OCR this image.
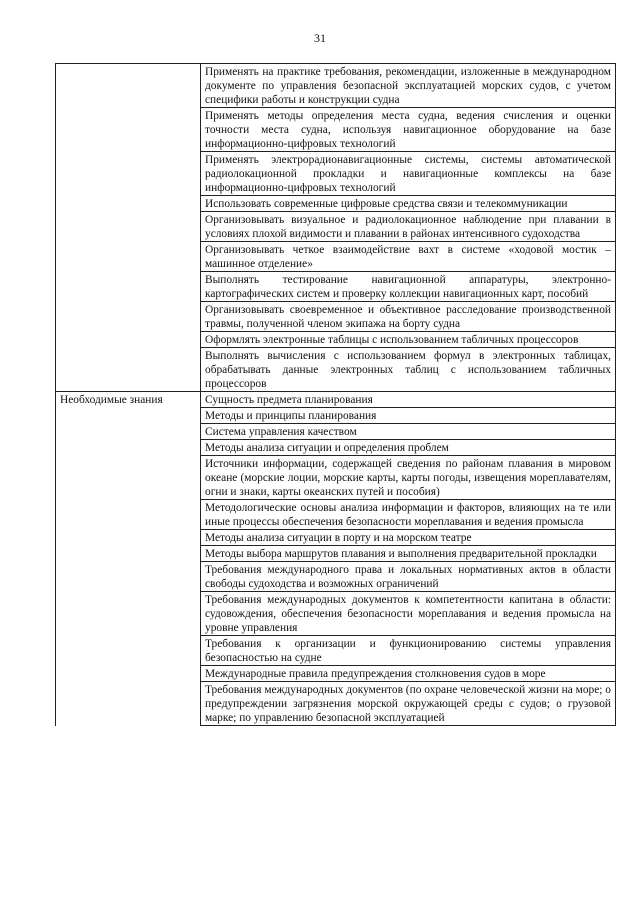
31
	Применять на практике требования, рекомендации, изложенные в международном документе по управления безопасной эксплуатацией морских судов, с учетом специфики работы и конструкции судна
	Применять методы определения места судна, ведения счисления и оценки точности места судна, используя навигационное оборудование на базе информационно-цифровых технологий
	Применять электрорадионавигационные системы, системы автоматической радиолокационной прокладки и навигационные комплексы на базе информационно-цифровых технологий
	Использовать современные цифровые средства связи и телекоммуникации
	Организовывать визуальное и радиолокационное наблюдение при плавании в условиях плохой видимости и плавании в районах интенсивного судоходства
	Организовывать четкое взаимодействие вахт в системе «ходовой мостик – машинное отделение»
	Выполнять тестирование навигационной аппаратуры, электронно-картографических систем и проверку коллекции навигационных карт, пособий
	Организовывать своевременное и объективное расследование производственной травмы, полученной членом экипажа на борту судна
	Оформлять электронные таблицы с использованием табличных процессоров
	Выполнять вычисления с использованием формул в электронных таблицах, обрабатывать данные электронных таблиц с использованием табличных процессоров
Необходимые знания	Сущность предмета планирования
	Методы и принципы планирования
	Система управления качеством
	Методы анализа ситуации и определения проблем
	Источники информации, содержащей сведения по районам плавания в мировом океане (морские лоции, морские карты, карты погоды, извещения мореплавателям, огни и знаки, карты океанских путей и пособия)
	Методологические основы анализа информации и факторов, влияющих на те или иные процессы обеспечения безопасности мореплавания и ведения промысла
	Методы анализа ситуации в порту и на морском театре
	Методы выбора маршрутов плавания и выполнения предварительной прокладки
	Требования международного права и локальных нормативных актов в области свободы судоходства и возможных ограничений
	Требования международных документов к компетентности капитана в области: судовождения, обеспечения безопасности мореплавания и ведения промысла на уровне управления
	Требования к организации и функционированию системы управления безопасностью на судне
	Международные правила предупреждения столкновения судов в море
	Требования международных документов (по охране человеческой жизни на море; о предупреждении загрязнения морской окружающей среды с судов; о грузовой марке; по управлению безопасной эксплуатацией
